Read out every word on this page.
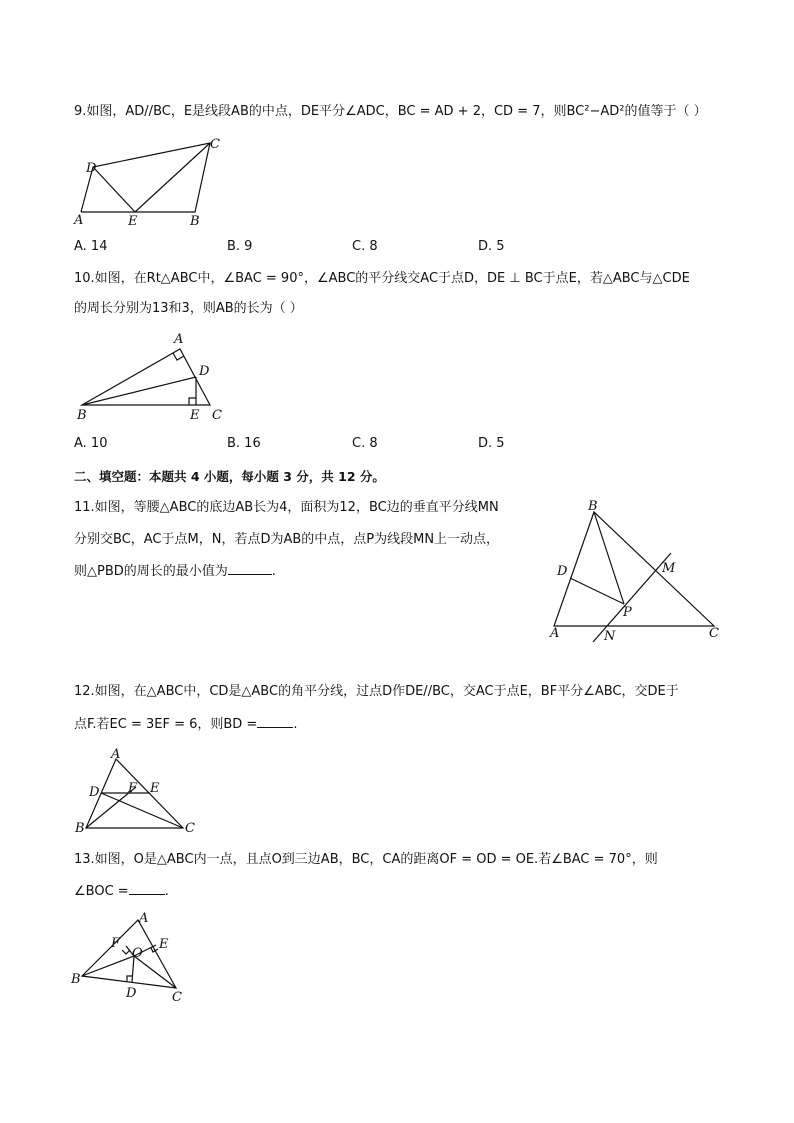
9.如图，AD//BC，E是线段AB的中点，DE平分∠ADC，BC = AD + 2，CD = 7，则BC²−AD²的值等于（ ）
A
D
C
E	B
A. 14	B. 9	C. 8	D. 5
10.如图，在Rt△ABC中，∠BAC = 90°，∠ABC的平分线交AC于点D，DE ⊥ BC于点E，若△ABC与△CDE
的周长分别为13和3，则AB的长为（ ）
A
D
B	E C
A. 10	B. 16	C. 8	D. 5
二、填空题：本题共 4 小题，每小题 3 分，共 12 分。
11.如图，等腰△ABC的底边AB长为4，面积为12，BC边的垂直平分线MN
分别交BC，AC于点M，N，若点D为AB的中点，点P为线段MN上一动点，
则△PBD的周长的最小值为	.
B
D	M
P
A	N	C
12.如图，在△ABC中，CD是△ABC的角平分线，过点D作DE//BC，交AC于点E，BF平分∠ABC，交DE于
点F.若EC = 3EF = 6，则BD =	.
A
D F E
B	C
13.如图，O是△ABC内一点，且点O到三边AB，BC，CA的距离OF = OD = OE.若∠BAC = 70°，则
∠BOC =	.
A
F	E
O
B
D	C
